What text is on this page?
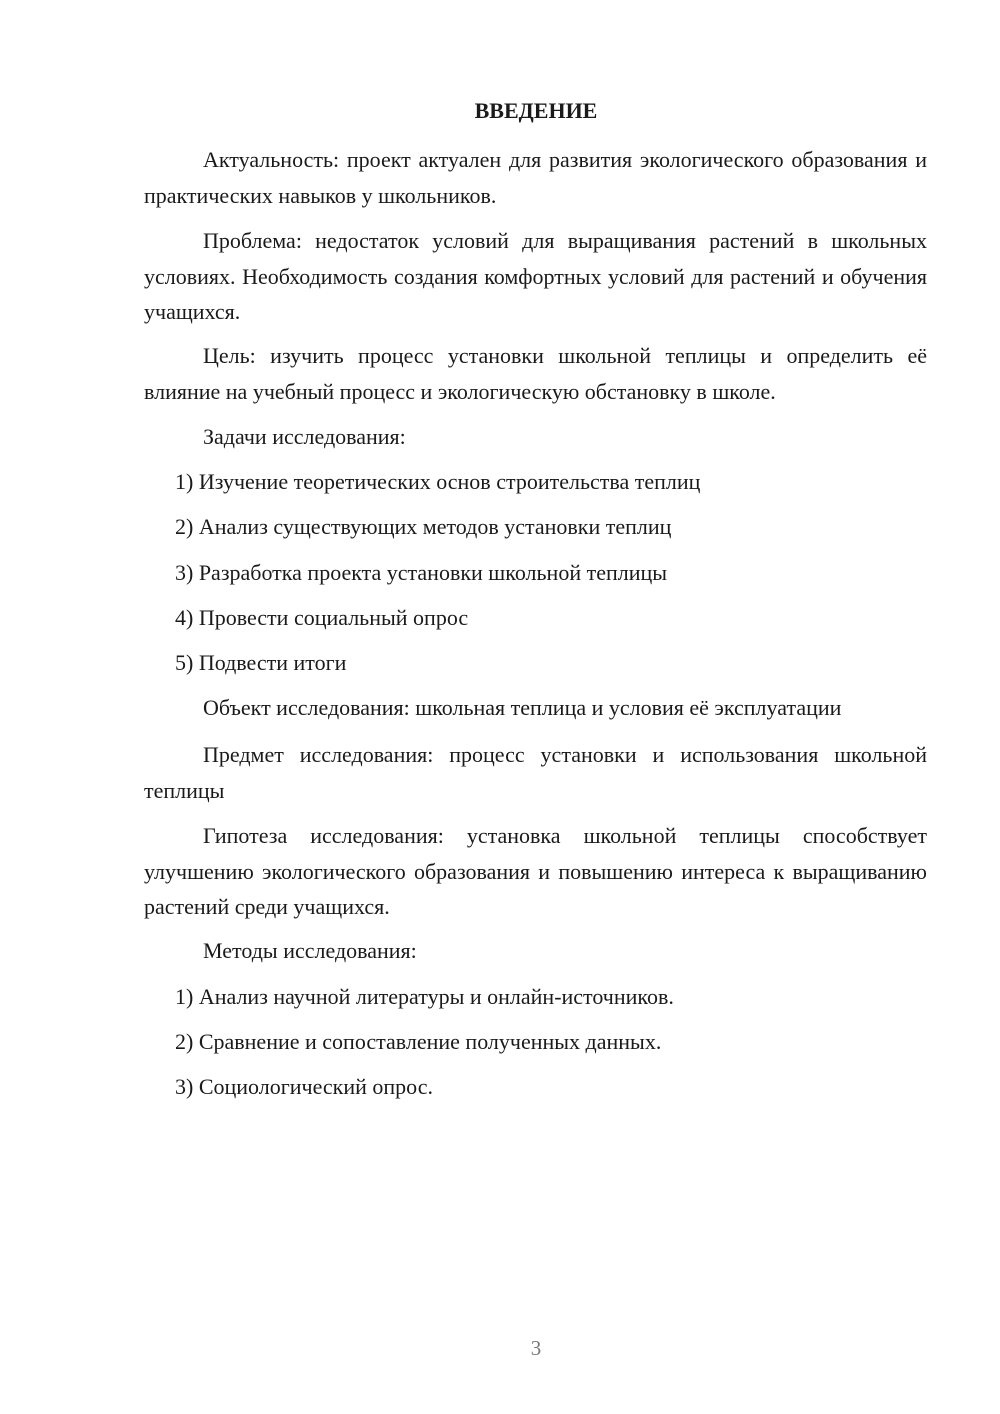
ВВЕДЕНИЕ

Актуальность: проект актуален для развития экологического образования и практических навыков у школьников.

Проблема: недостаток условий для выращивания растений в школьных условиях. Необходимость создания комфортных условий для растений и обучения учащихся.

Цель: изучить процесс установки школьной теплицы и определить её влияние на учебный процесс и экологическую обстановку в школе.

Задачи исследования:

1) Изучение теоретических основ строительства теплиц

2) Анализ существующих методов установки теплиц

3) Разработка проекта установки школьной теплицы

4) Провести социальный опрос

5) Подвести итоги

Объект исследования: школьная теплица и условия её эксплуатации

Предмет исследования: процесс установки и использования школьной теплицы

Гипотеза исследования: установка школьной теплицы способствует улучшению экологического образования и повышению интереса к выращиванию растений среди учащихся.

Методы исследования:

1) Анализ научной литературы и онлайн-источников.

2) Сравнение и сопоставление полученных данных.

3) Социологический опрос.

3
